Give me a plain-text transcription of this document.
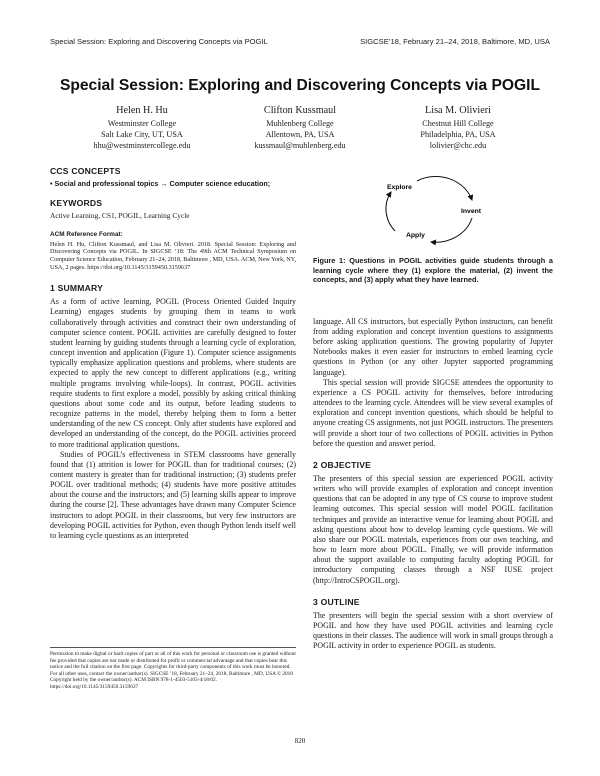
Special Session: Exploring and Discovering Concepts via POGIL	SIGCSE’18, February 21–24, 2018, Baltimore, MD, USA
Special Session: Exploring and Discovering Concepts via POGIL
Helen H. Hu
Westminster College
Salt Lake City, UT, USA
hhu@westminstercollege.edu
Clifton Kussmaul
Muhlenberg College
Allentown, PA, USA
kussmaul@muhlenberg.edu
Lisa M. Olivieri
Chestnut Hill College
Philadelphia, PA, USA
lolivier@chc.edu
CCS CONCEPTS

• Social and professional topics → Computer science education;

KEYWORDS

Active Learning, CS1, POGIL, Learning Cycle

ACM Reference Format:

Helen H. Hu, Clifton Kussmaul, and Lisa M. Olivieri. 2018. Special Session: Exploring and Discovering Concepts via POGIL. In SIGCSE ’18: The 49th ACM Technical Symposium on Computer Science Education, February 21–24, 2018, Baltimore , MD, USA. ACM, New York, NY, USA, 2 pages. https://doi.org/10.1145/3159450.3159637

1 SUMMARY

As a form of active learning, POGIL (Process Oriented Guided Inquiry Learning) engages students by grouping them in teams to work collaboratively through activities and construct their own understanding of computer science content. POGIL activities are carefully designed to foster student learning by guiding students through a learning cycle of exploration, concept invention and application (Figure 1). Computer science assignments typically emphasize application questions and problems, where students are expected to apply the new concept to different applications (e.g., writing multiple programs involving while-loops). In contrast, POGIL activities require students to first explore a model, possibly by asking critical thinking questions about some code and its output, before leading students to recognize patterns in the model, thereby helping them to form a better understanding of the new CS concept. Only after students have explored and developed an understanding of the concept, do the POGIL activities proceed to more traditional application questions.

Studies of POGIL’s effectiveness in STEM classrooms have generally found that (1) attrition is lower for POGIL than for traditional courses; (2) content mastery is greater than for traditional instruction; (3) students prefer POGIL over traditional methods; (4) students have more positive attitudes about the course and the instructors; and (5) learning skills appear to improve during the course [2]. These advantages have drawn many Computer Science instructors to adopt POGIL in their classrooms, but very few instructors are developing POGIL activities for Python, even though Python lends itself well to learning cycle questions as an interpreted

Permission to make digital or hard copies of part or all of this work for personal or classroom use is granted without fee provided that copies are not made or distributed for profit or commercial advantage and that copies bear this notice and the full citation on the first page. Copyrights for third-party components of this work must be honored. For all other uses, contact the owner/author(s). SIGCSE ’18, February 21–24, 2018, Baltimore , MD, USA © 2018 Copyright held by the owner/author(s). ACM ISBN 978-1-4503-5103-4/18/02. https://doi.org/10.1145/3159450.3159637
Explore
Invent
Apply

Figure 1: Questions in POGIL activities guide students through a learning cycle where they (1) explore the material, (2) invent the concepts, and (3) apply what they have learned.

language. All CS instructors, but especially Python instructors, can benefit from adding exploration and concept invention questions to assignments before asking application questions. The growing popularity of Jupyter Notebooks makes it even easier for instructors to embed learning cycle questions in Python (or any other Jupyter supported programming language).

This special session will provide SIGCSE attendees the opportunity to experience a CS POGIL activity for themselves, before introducing attendees to the learning cycle. Attendees will be view several examples of exploration and concept invention questions, which should be helpful to anyone creating CS assignments, not just POGIL instructors. The presenters will provide a short tour of two collections of POGIL activities in Python before the question and answer period.

2 OBJECTIVE

The presenters of this special session are experienced POGIL activity writers who will provide examples of exploration and concept invention questions that can be adopted in any type of CS course to improve student learning outcomes. This special session will model POGIL facilitation techniques and provide an interactive venue for learning about POGIL and asking questions about how to develop learning cycle questions. We will also share our POGIL materials, experiences from our own teaching, and how to learn more about POGIL. Finally, we will provide information about the support available to computing faculty adopting POGIL for introductory computing classes through a NSF IUSE project (http://IntroCSPOGIL.org).

3 OUTLINE

The presenters will begin the special session with a short overview of POGIL and how they have used POGIL activities and learning cycle questions in their classes. The audience will work in small groups through a POGIL activity in order to experience POGIL as students.

820
